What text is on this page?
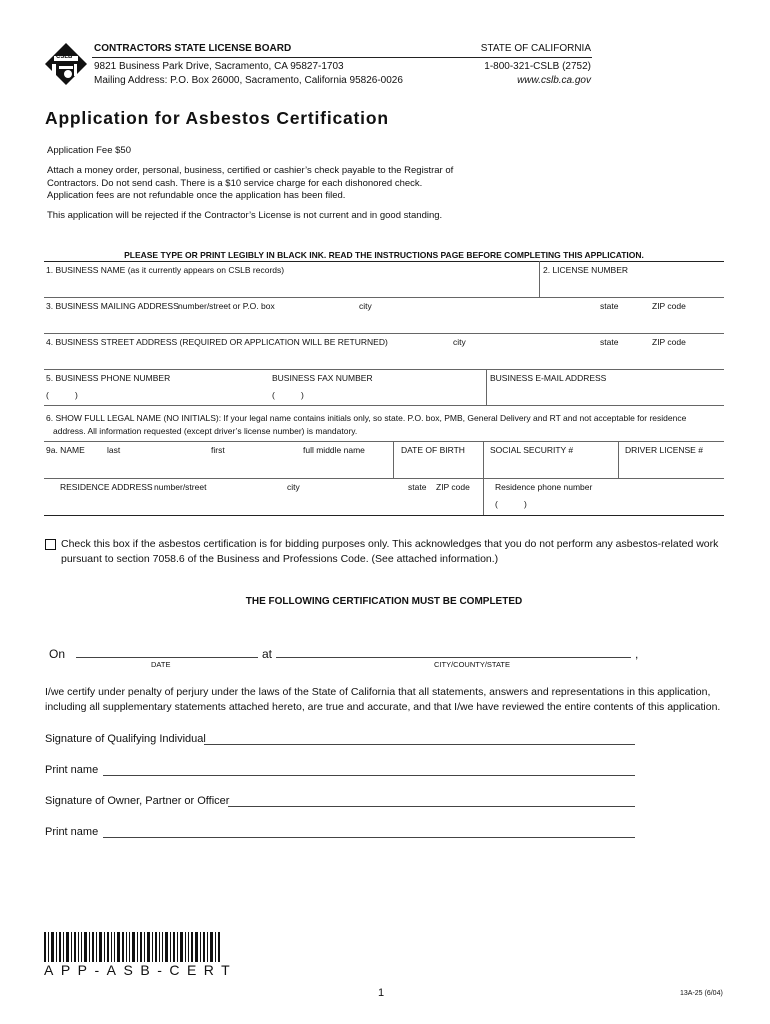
CSLB
CONTRACTORS STATE LICENSE BOARD	STATE OF CALIFORNIA
9821 Business Park Drive, Sacramento, CA 95827-1703
Mailing Address: P.O. Box 26000, Sacramento, California 95826-0026
1-800-321-CSLB (2752)
www.cslb.ca.gov
Application for Asbestos Certification
Application Fee $50
Attach a money order, personal, business, certified or cashier’s check payable to the Registrar of Contractors. Do not send cash. There is a $10 service charge for each dishonored check. Application fees are not refundable once the application has been filed.
This application will be rejected if the Contractor’s License is not current and in good standing.
PLEASE TYPE OR PRINT LEGIBLY IN BLACK INK. READ THE INSTRUCTIONS PAGE BEFORE COMPLETING THIS APPLICATION.
1. BUSINESS NAME (as it currently appears on CSLB records)	2. LICENSE NUMBER
3. BUSINESS MAILING ADDRESS number/street or P.O. box	city	state	ZIP code
4. BUSINESS STREET ADDRESS (REQUIRED OR APPLICATION WILL BE RETURNED)	city	state	ZIP code
5. BUSINESS PHONE NUMBER	BUSINESS FAX NUMBER	BUSINESS E-MAIL ADDRESS
(	)	(	)
6. SHOW FULL LEGAL NAME (NO INITIALS): If your legal name contains initials only, so state. P.O. box, PMB, General Delivery and RT and not acceptable for residence
address. All information requested (except driver’s license number) is mandatory.
9a. NAME	last	first	full middle name	DATE OF BIRTH	SOCIAL SECURITY #	DRIVER LICENSE #
RESIDENCE ADDRESS number/street	city	state ZIP code	Residence phone number
(	)
Check this box if the asbestos certification is for bidding purposes only. This acknowledges that you do not perform any asbestos-related work
pursuant to section 7058.6 of the Business and Professions Code. (See attached information.)
THE FOLLOWING CERTIFICATION MUST BE COMPLETED
On	at	,
DATE	CITY/COUNTY/STATE
I/we certify under penalty of perjury under the laws of the State of California that all statements, answers and representations in this application,
including all supplementary statements attached hereto, are true and accurate, and that I/we have reviewed the entire contents of this application.
Signature of Qualifying Individual
Print name
Signature of Owner, Partner or Officer
Print name
APP-ASB-CERT
1	13A-25 (6/04)
